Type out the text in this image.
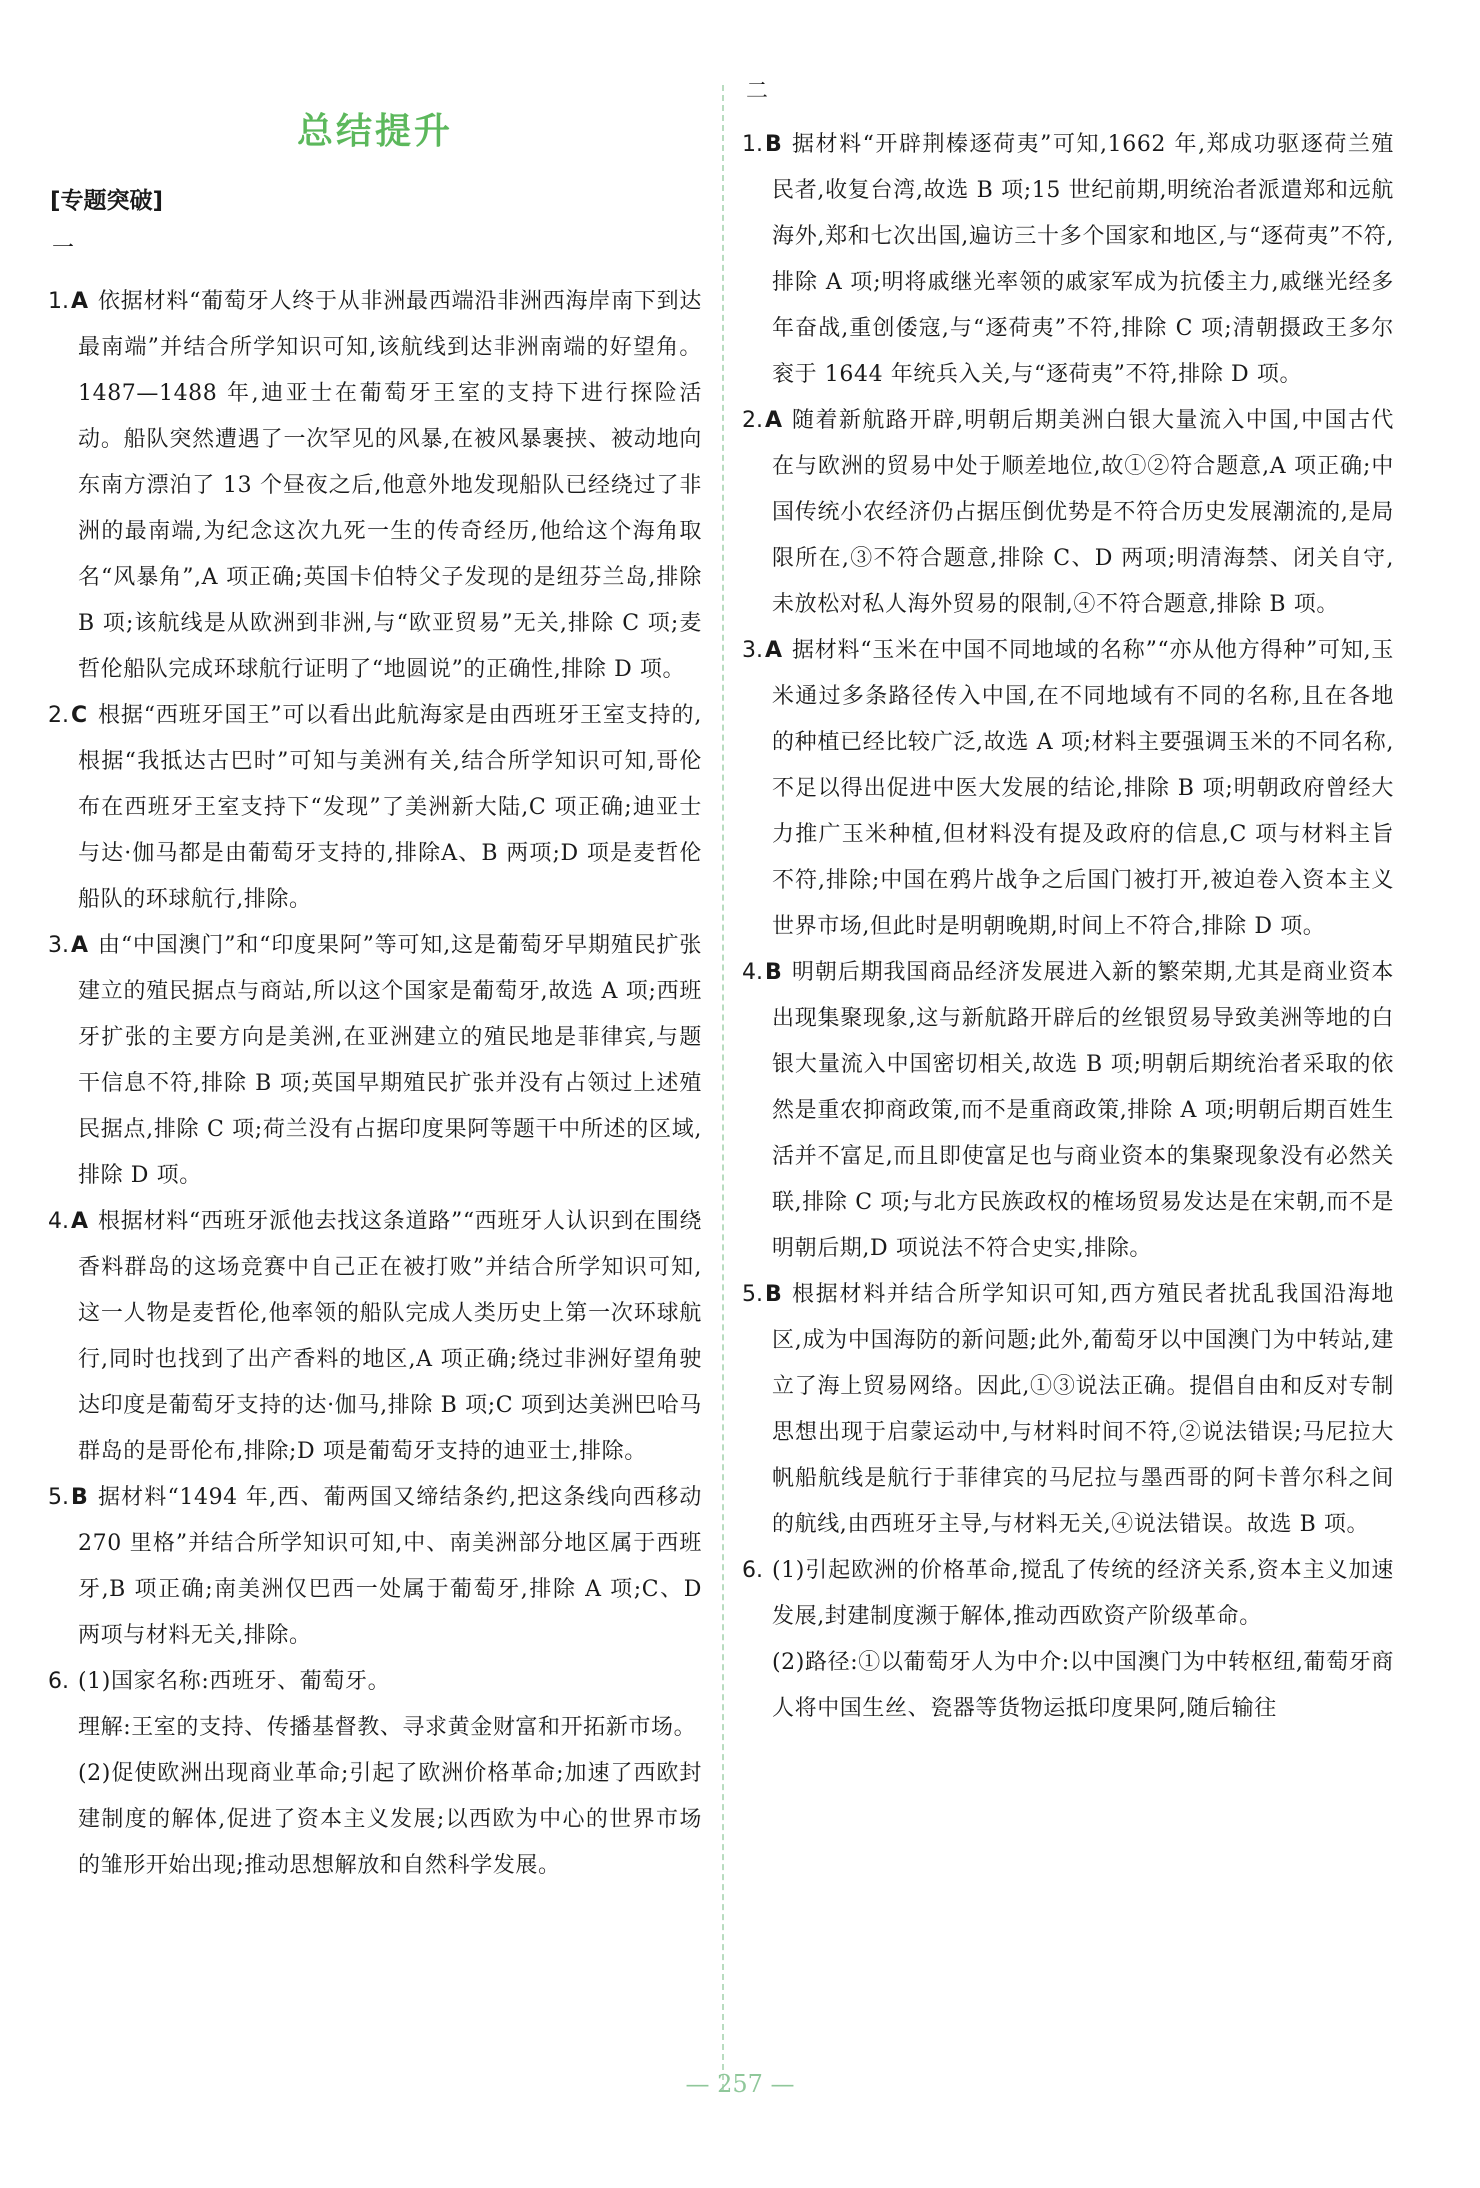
总结提升
[专题突破]
一
1.A 依据材料“葡萄牙人终于从非洲最西端沿非洲西海岸南下到达最南端”并结合所学知识可知,该航线到达非洲南端的好望角。1487—1488 年,迪亚士在葡萄牙王室的支持下进行探险活动。船队突然遭遇了一次罕见的风暴,在被风暴裹挟、被动地向东南方漂泊了 13 个昼夜之后,他意外地发现船队已经绕过了非洲的最南端,为纪念这次九死一生的传奇经历,他给这个海角取名“风暴角”,A 项正确;英国卡伯特父子发现的是纽芬兰岛,排除 B 项;该航线是从欧洲到非洲,与“欧亚贸易”无关,排除 C 项;麦哲伦船队完成环球航行证明了“地圆说”的正确性,排除 D 项。

2.C 根据“西班牙国王”可以看出此航海家是由西班牙王室支持的,根据“我抵达古巴时”可知与美洲有关,结合所学知识可知,哥伦布在西班牙王室支持下“发现”了美洲新大陆,C 项正确;迪亚士与达·伽马都是由葡萄牙支持的,排除A、B 两项;D 项是麦哲伦船队的环球航行,排除。

3.A 由“中国澳门”和“印度果阿”等可知,这是葡萄牙早期殖民扩张建立的殖民据点与商站,所以这个国家是葡萄牙,故选 A 项;西班牙扩张的主要方向是美洲,在亚洲建立的殖民地是菲律宾,与题干信息不符,排除 B 项;英国早期殖民扩张并没有占领过上述殖民据点,排除 C 项;荷兰没有占据印度果阿等题干中所述的区域,排除 D 项。

4.A 根据材料“西班牙派他去找这条道路”“西班牙人认识到在围绕香料群岛的这场竞赛中自己正在被打败”并结合所学知识可知,这一人物是麦哲伦,他率领的船队完成人类历史上第一次环球航行,同时也找到了出产香料的地区,A 项正确;绕过非洲好望角驶达印度是葡萄牙支持的达·伽马,排除 B 项;C 项到达美洲巴哈马群岛的是哥伦布,排除;D 项是葡萄牙支持的迪亚士,排除。

5.B 据材料“1494 年,西、葡两国又缔结条约,把这条线向西移动 270 里格”并结合所学知识可知,中、南美洲部分地区属于西班牙,B 项正确;南美洲仅巴西一处属于葡萄牙,排除 A 项;C、D 两项与材料无关,排除。

6. (1)国家名称:西班牙、葡萄牙。

理解:王室的支持、传播基督教、寻求黄金财富和开拓新市场。

(2)促使欧洲出现商业革命;引起了欧洲价格革命;加速了西欧封建制度的解体,促进了资本主义发展;以西欧为中心的世界市场的雏形开始出现;推动思想解放和自然科学发展。

二
1.B 据材料“开辟荆榛逐荷夷”可知,1662 年,郑成功驱逐荷兰殖民者,收复台湾,故选 B 项;15 世纪前期,明统治者派遣郑和远航海外,郑和七次出国,遍访三十多个国家和地区,与“逐荷夷”不符,排除 A 项;明将戚继光率领的戚家军成为抗倭主力,戚继光经多年奋战,重创倭寇,与“逐荷夷”不符,排除 C 项;清朝摄政王多尔衮于 1644 年统兵入关,与“逐荷夷”不符,排除 D 项。

2.A 随着新航路开辟,明朝后期美洲白银大量流入中国,中国古代在与欧洲的贸易中处于顺差地位,故①②符合题意,A 项正确;中国传统小农经济仍占据压倒优势是不符合历史发展潮流的,是局限所在,③不符合题意,排除 C、D 两项;明清海禁、闭关自守,未放松对私人海外贸易的限制,④不符合题意,排除 B 项。

3.A 据材料“玉米在中国不同地域的名称”“亦从他方得种”可知,玉米通过多条路径传入中国,在不同地域有不同的名称,且在各地的种植已经比较广泛,故选 A 项;材料主要强调玉米的不同名称,不足以得出促进中医大发展的结论,排除 B 项;明朝政府曾经大力推广玉米种植,但材料没有提及政府的信息,C 项与材料主旨不符,排除;中国在鸦片战争之后国门被打开,被迫卷入资本主义世界市场,但此时是明朝晚期,时间上不符合,排除 D 项。

4.B 明朝后期我国商品经济发展进入新的繁荣期,尤其是商业资本出现集聚现象,这与新航路开辟后的丝银贸易导致美洲等地的白银大量流入中国密切相关,故选 B 项;明朝后期统治者采取的依然是重农抑商政策,而不是重商政策,排除 A 项;明朝后期百姓生活并不富足,而且即使富足也与商业资本的集聚现象没有必然关联,排除 C 项;与北方民族政权的榷场贸易发达是在宋朝,而不是明朝后期,D 项说法不符合史实,排除。

5.B 根据材料并结合所学知识可知,西方殖民者扰乱我国沿海地区,成为中国海防的新问题;此外,葡萄牙以中国澳门为中转站,建立了海上贸易网络。因此,①③说法正确。提倡自由和反对专制思想出现于启蒙运动中,与材料时间不符,②说法错误;马尼拉大帆船航线是航行于菲律宾的马尼拉与墨西哥的阿卡普尔科之间的航线,由西班牙主导,与材料无关,④说法错误。故选 B 项。

6. (1)引起欧洲的价格革命,搅乱了传统的经济关系,资本主义加速发展,封建制度濒于解体,推动西欧资产阶级革命。

(2)路径:①以葡萄牙人为中介:以中国澳门为中转枢纽,葡萄牙商人将中国生丝、瓷器等货物运抵印度果阿,随后输往

— 257 —
